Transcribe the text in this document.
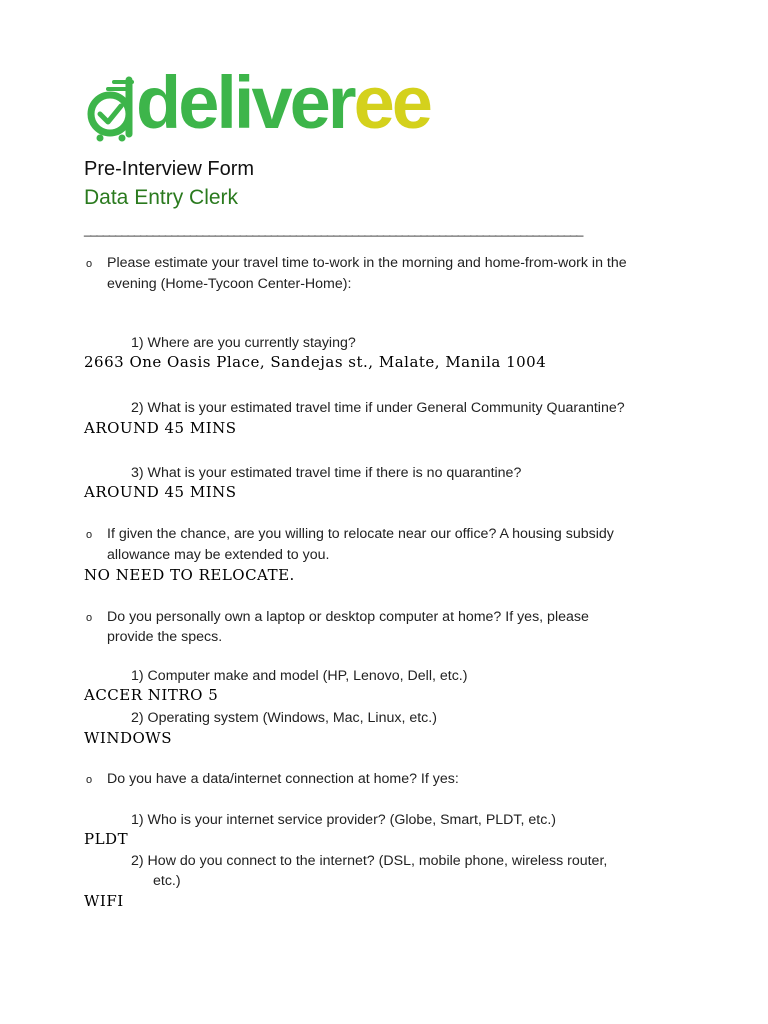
deliveree
Pre-Interview Form
Data Entry Clerk
________________________________________________________________________________
o Please estimate your travel time to-work in the morning and home-from-work in the
evening (Home-Tycoon Center-Home):
1) Where are you currently staying?
2663 One Oasis Place, Sandejas st., Malate, Manila 1004
2) What is your estimated travel time if under General Community Quarantine?
AROUND 45 MINS
3) What is your estimated travel time if there is no quarantine?
AROUND 45 MINS
o If given the chance, are you willing to relocate near our office? A housing subsidy
allowance may be extended to you.
NO NEED TO RELOCATE.
o Do you personally own a laptop or desktop computer at home? If yes, please
provide the specs.
1) Computer make and model (HP, Lenovo, Dell, etc.)
ACCER NITRO 5
2) Operating system (Windows, Mac, Linux, etc.)
WINDOWS
o Do you have a data/internet connection at home? If yes:
1) Who is your internet service provider? (Globe, Smart, PLDT, etc.)
PLDT
2) How do you connect to the internet? (DSL, mobile phone, wireless router,
etc.)
WIFI
